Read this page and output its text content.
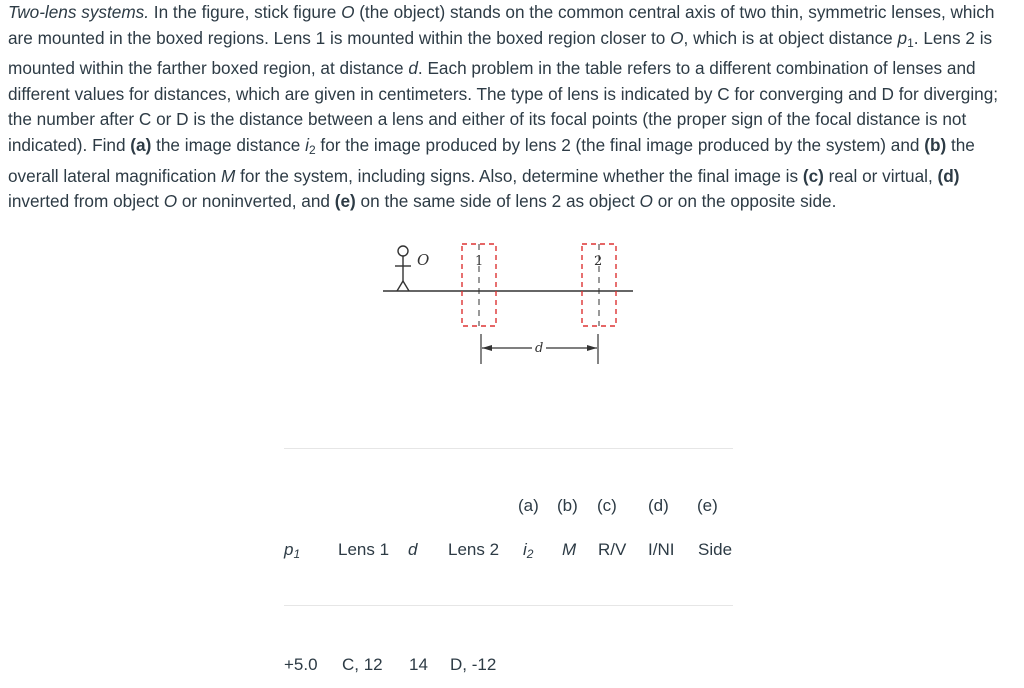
Two-lens systems. In the figure, stick figure O (the object) stands on the common central axis of two thin, symmetric lenses, which are mounted in the boxed regions. Lens 1 is mounted within the boxed region closer to O, which is at object distance $p_1$. Lens 2 is mounted within the farther boxed region, at distance d. Each problem in the table refers to a different combination of lenses and different values for distances, which are given in centimeters. The type of lens is indicated by C for converging and D for diverging; the number after C or D is the distance between a lens and either of its focal points (the proper sign of the focal distance is not indicated). Find (a) the image distance $i_2$ for the image produced by lens 2 (the final image produced by the system) and (b) the overall lateral magnification M for the system, including signs. Also, determine whether the final image is (c) real or virtual, (d) inverted from object O or noninverted, and (e) on the same side of lens 2 as object O or on the opposite side.

O	1	2
d
(a) (b) (c) (d) (e)
p1 Lens 1 d Lens 2 i2 M R/V I/NI Side
+5.0 C, 12 14 D, -12
